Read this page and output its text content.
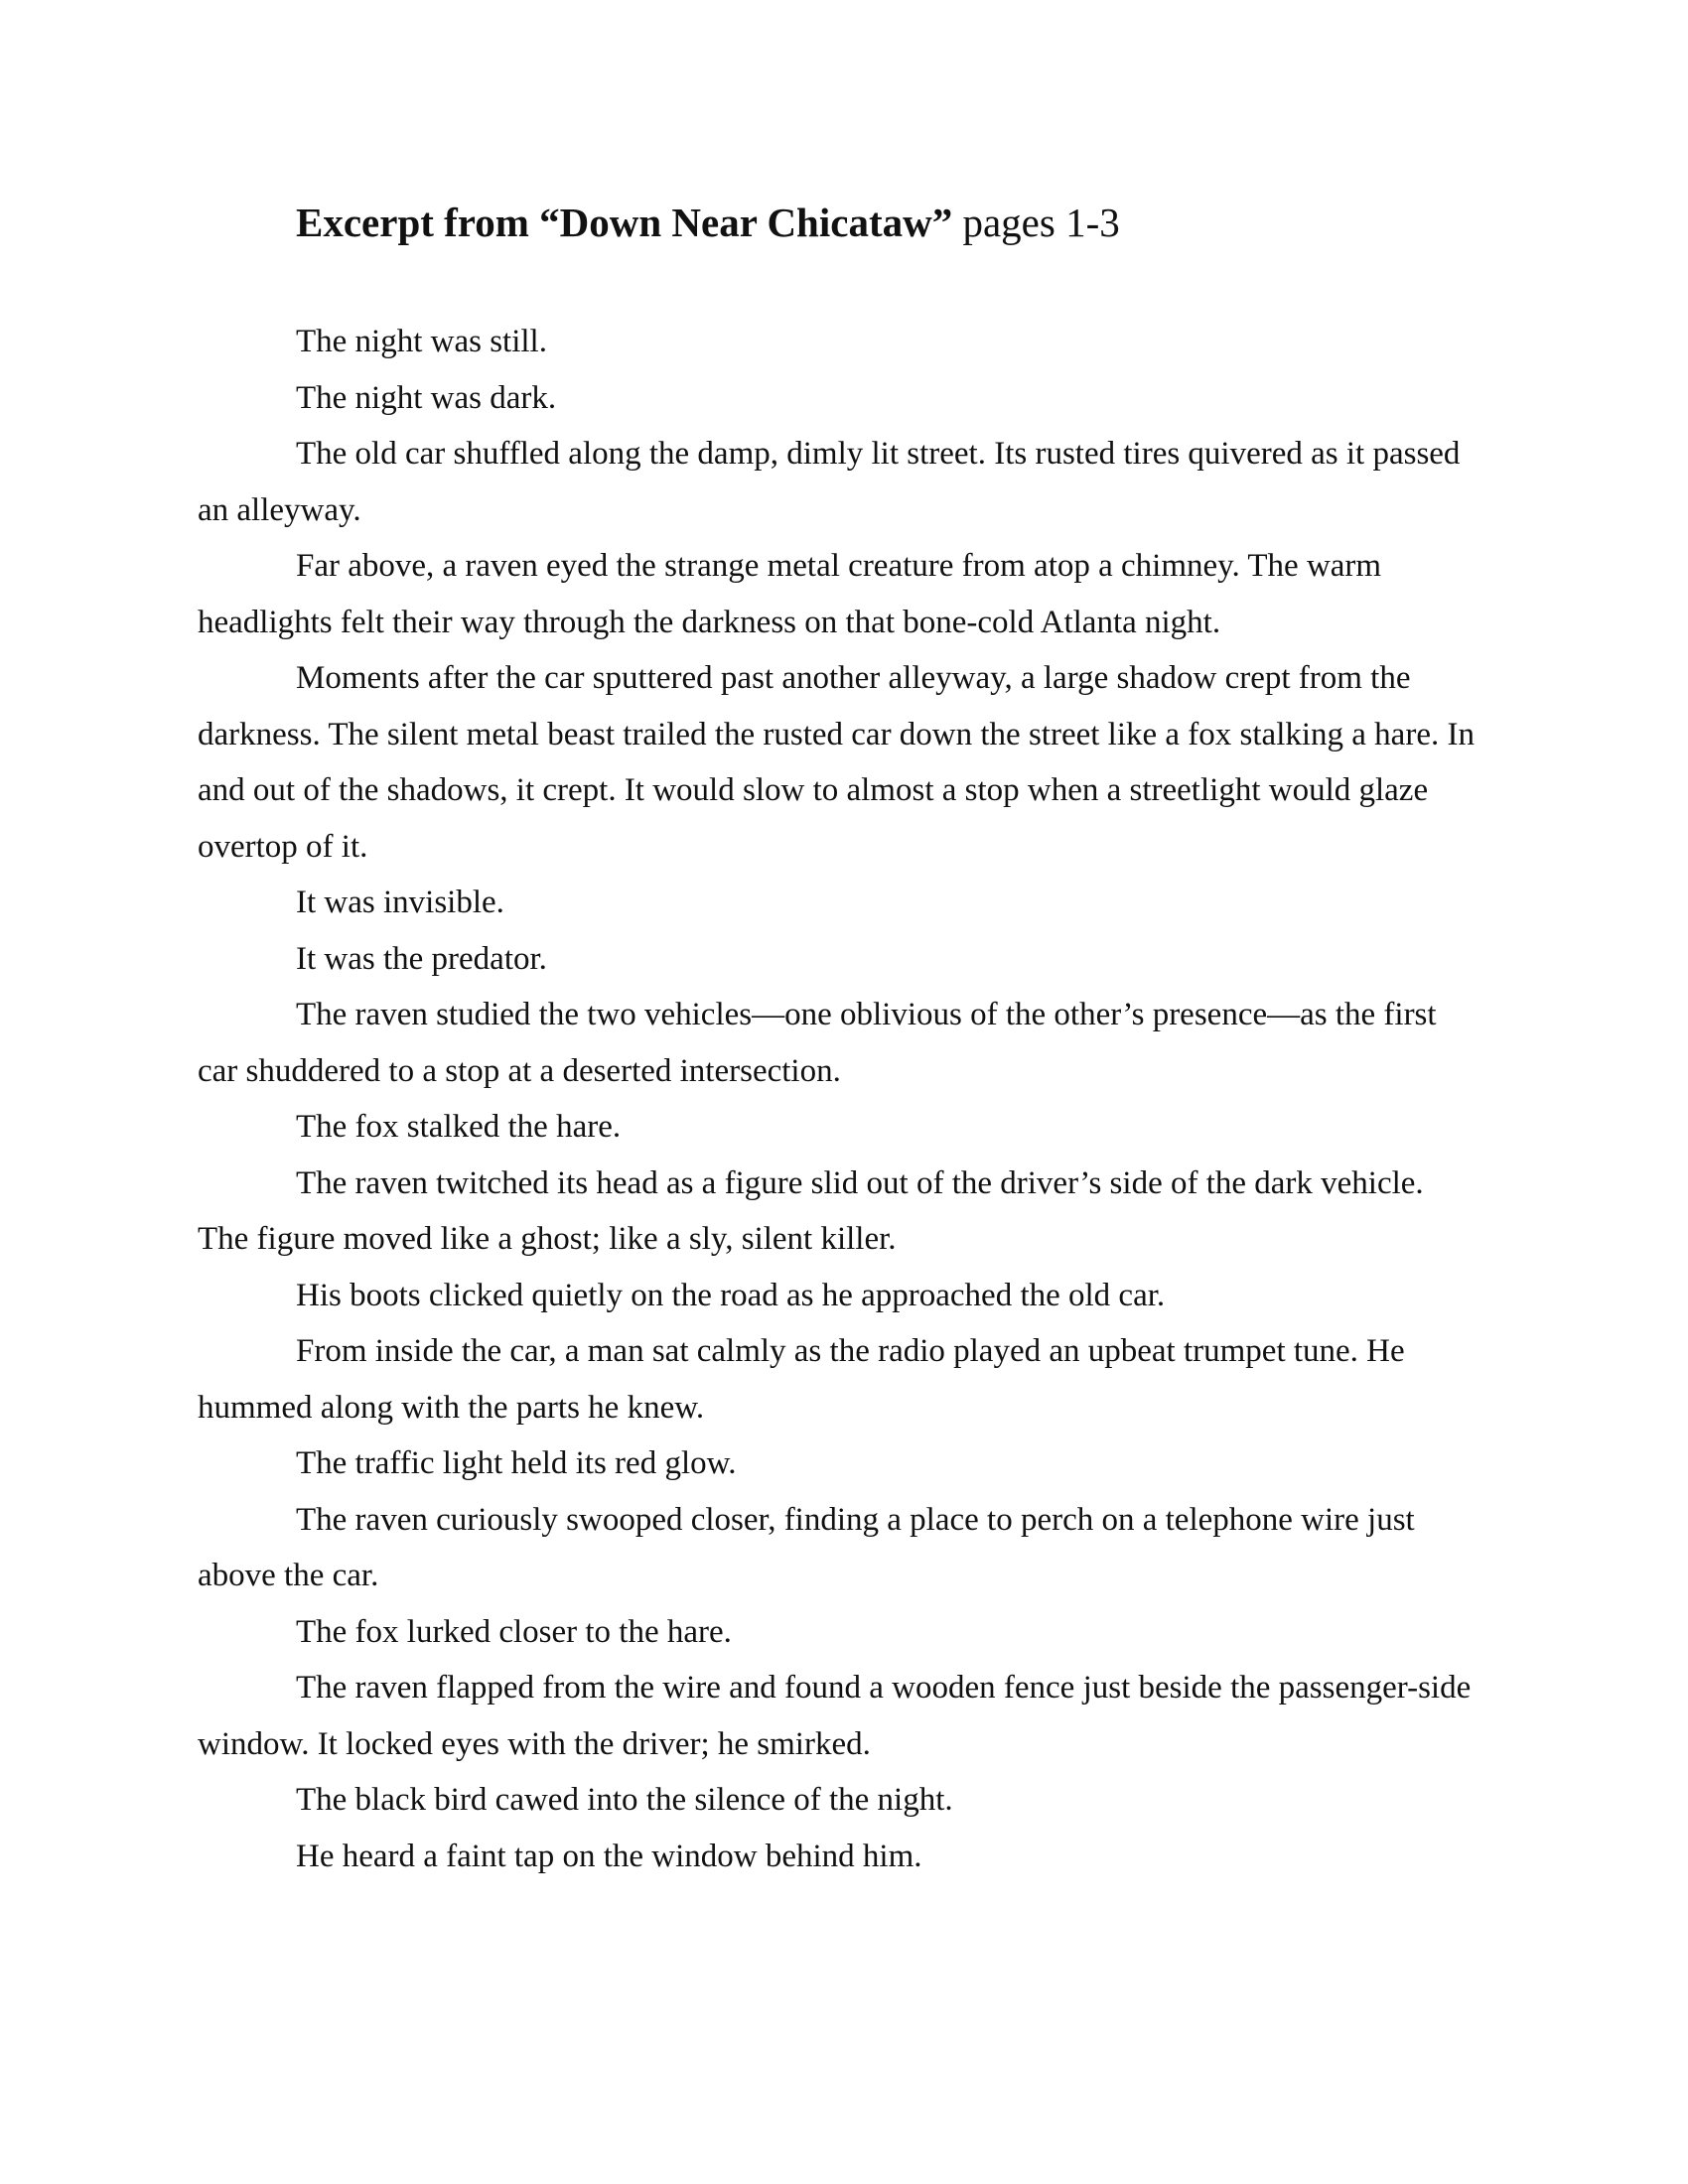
Excerpt from “Down Near Chicataw” pages 1-3

The night was still.

The night was dark.

The old car shuffled along the damp, dimly lit street. Its rusted tires quivered as it passed an alleyway.

Far above, a raven eyed the strange metal creature from atop a chimney. The warm headlights felt their way through the darkness on that bone-cold Atlanta night.

Moments after the car sputtered past another alleyway, a large shadow crept from the darkness. The silent metal beast trailed the rusted car down the street like a fox stalking a hare. In and out of the shadows, it crept. It would slow to almost a stop when a streetlight would glaze overtop of it.

It was invisible.

It was the predator.

The raven studied the two vehicles—one oblivious of the other’s presence—as the first car shuddered to a stop at a deserted intersection.

The fox stalked the hare.

The raven twitched its head as a figure slid out of the driver’s side of the dark vehicle. The figure moved like a ghost; like a sly, silent killer.

His boots clicked quietly on the road as he approached the old car.

From inside the car, a man sat calmly as the radio played an upbeat trumpet tune. He hummed along with the parts he knew.

The traffic light held its red glow.

The raven curiously swooped closer, finding a place to perch on a telephone wire just above the car.

The fox lurked closer to the hare.

The raven flapped from the wire and found a wooden fence just beside the passenger-side window. It locked eyes with the driver; he smirked.

The black bird cawed into the silence of the night.

He heard a faint tap on the window behind him.
